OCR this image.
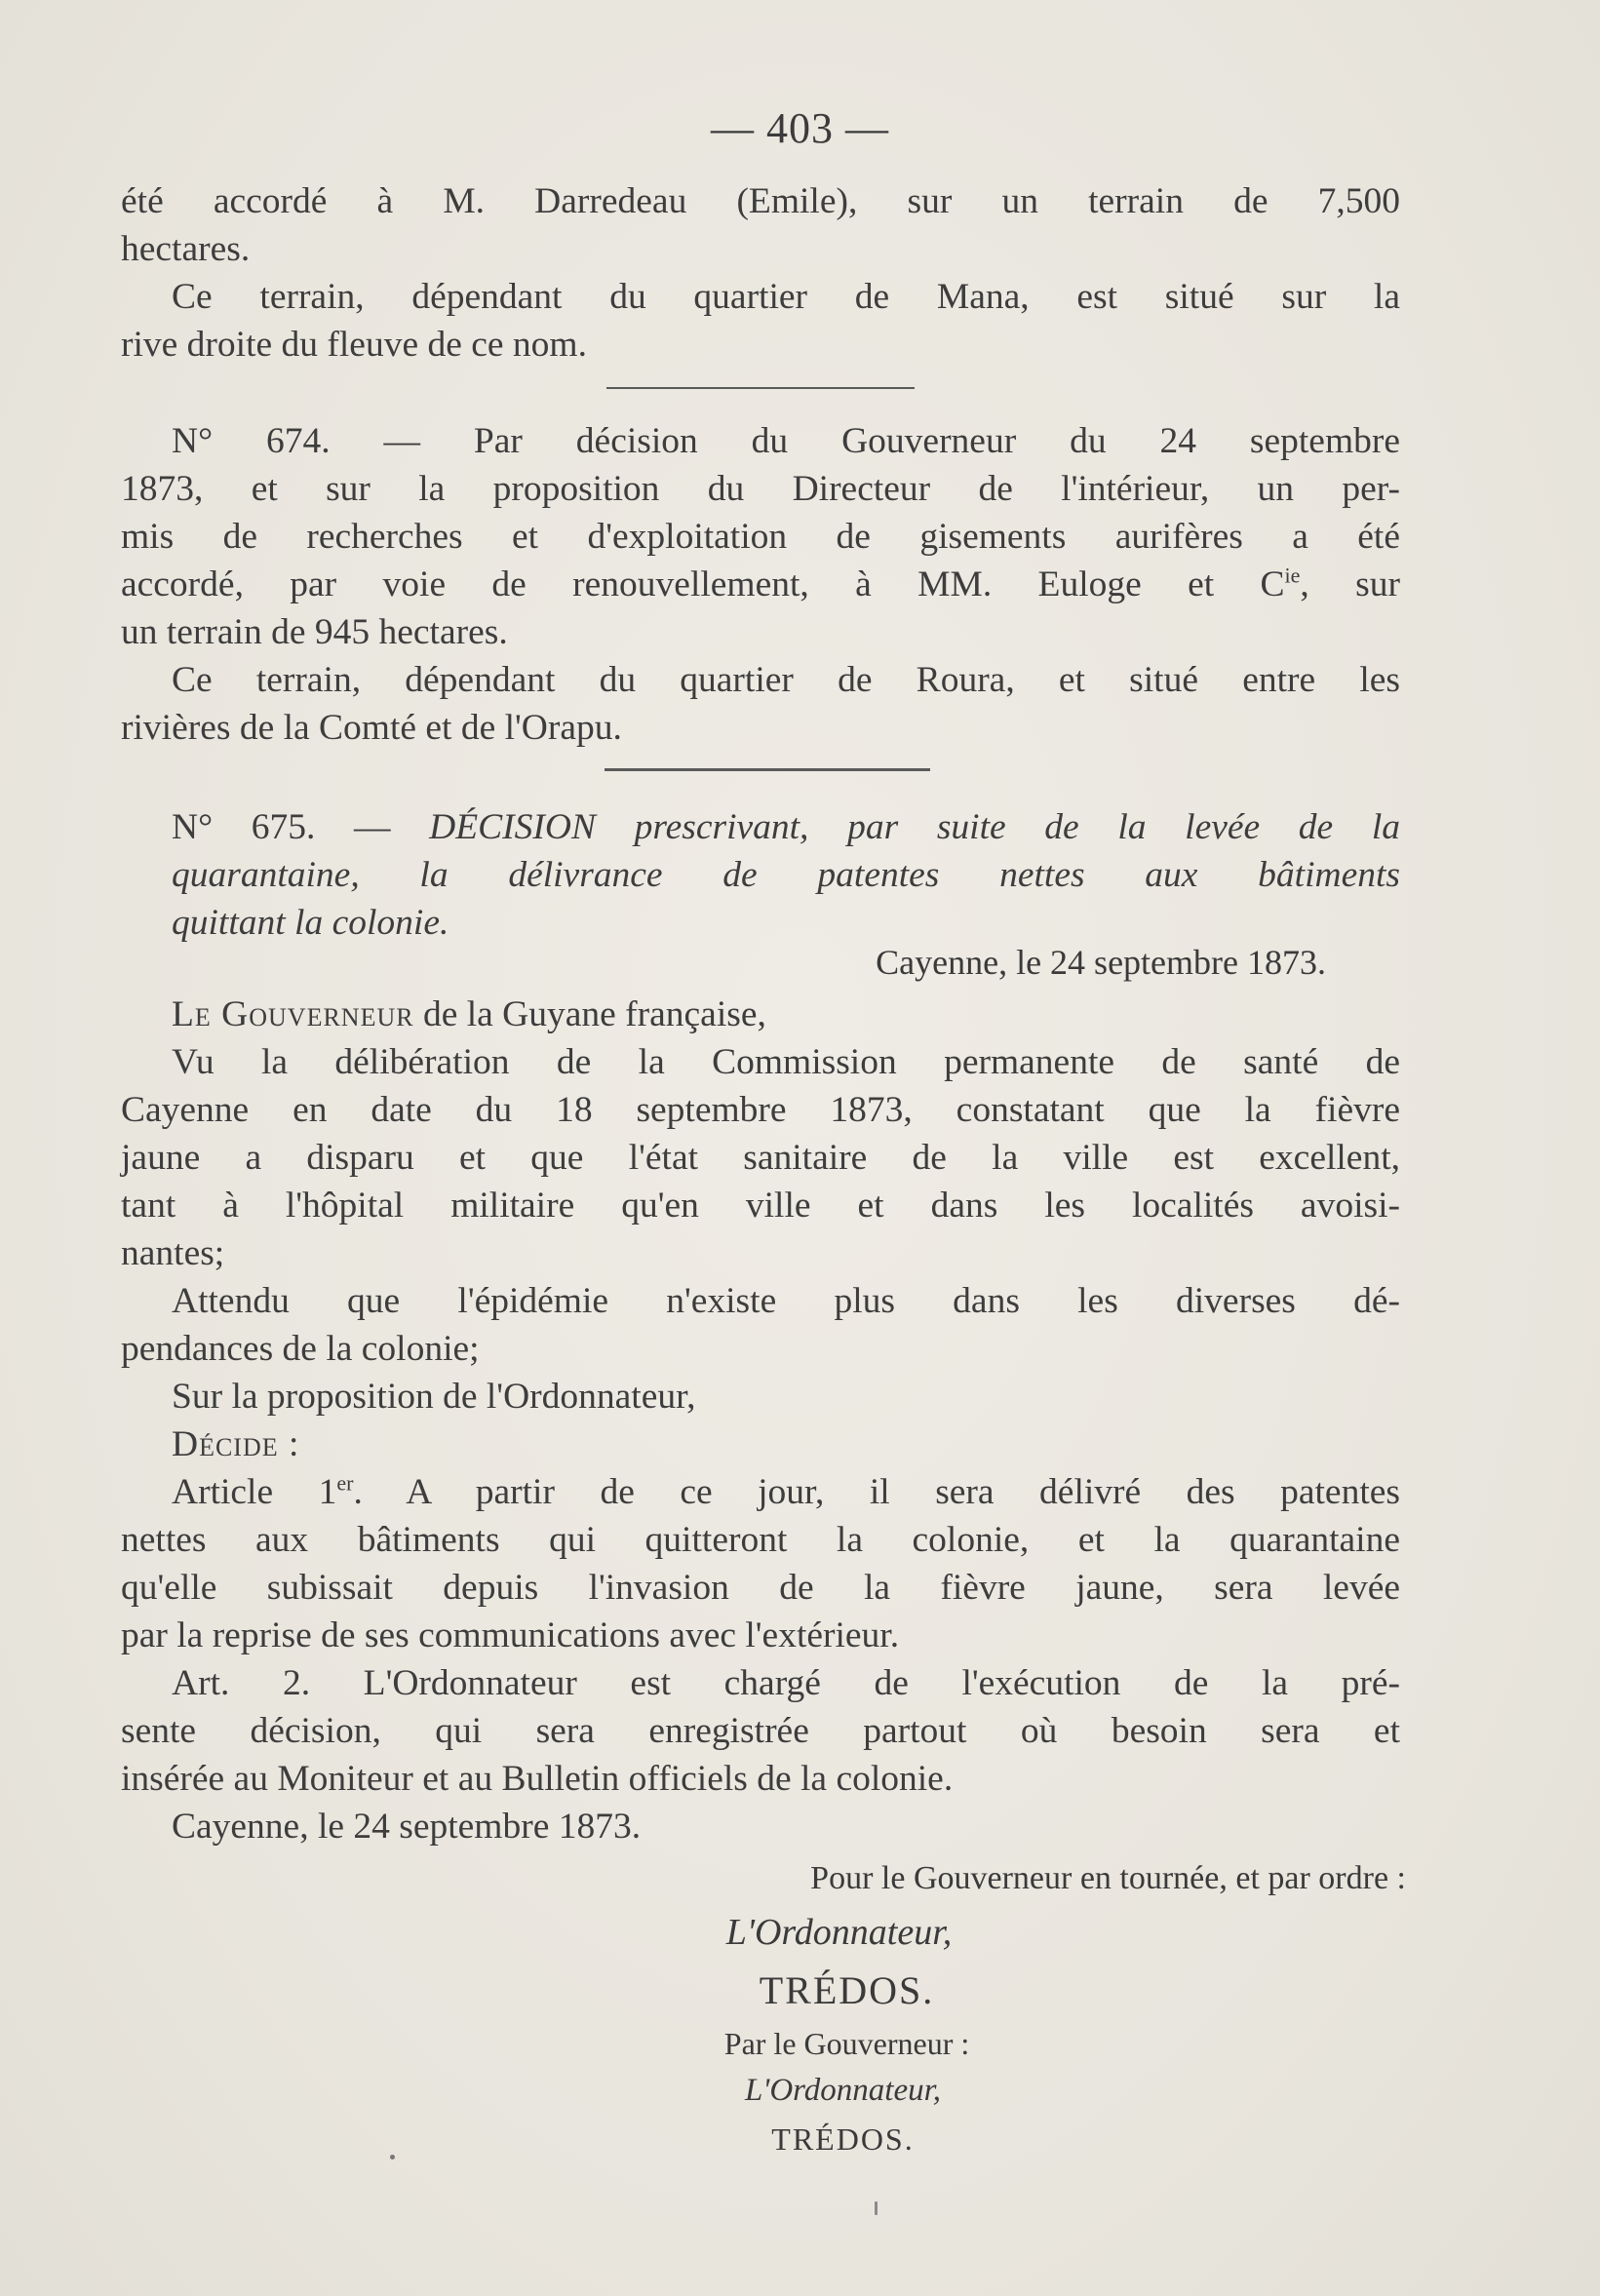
— 403 —
été accordé à M. Darredeau (Emile), sur un terrain de 7,500
hectares.
Ce terrain, dépendant du quartier de Mana, est situé sur la
rive droite du fleuve de ce nom.
N° 674. — Par décision du Gouverneur du 24 septembre
1873, et sur la proposition du Directeur de l'intérieur, un per-
mis de recherches et d'exploitation de gisements aurifères a été
accordé, par voie de renouvellement, à MM. Euloge et $C^{ie}$, sur
un terrain de 945 hectares.
Ce terrain, dépendant du quartier de Roura, et situé entre les
rivières de la Comté et de l'Orapu.
N° 675. — DÉCISION prescrivant, par suite de la levée de la
quarantaine, la délivrance de patentes nettes aux bâtiments
quittant la colonie.
Cayenne, le 24 septembre 1873.
Le Gouverneur de la Guyane française,
Vu la délibération de la Commission permanente de santé de
Cayenne en date du 18 septembre 1873, constatant que la fièvre
jaune a disparu et que l'état sanitaire de la ville est excellent,
tant à l'hôpital militaire qu'en ville et dans les localités avoisi-
nantes;
Attendu que l'épidémie n'existe plus dans les diverses dé-
pendances de la colonie;
Sur la proposition de l'Ordonnateur,
Décide :
Article 1er. A partir de ce jour, il sera délivré des patentes
nettes aux bâtiments qui quitteront la colonie, et la quarantaine
qu'elle subissait depuis l'invasion de la fièvre jaune, sera levée
par la reprise de ses communications avec l'extérieur.
Art. 2. L'Ordonnateur est chargé de l'exécution de la pré-
sente décision, qui sera enregistrée partout où besoin sera et
insérée au Moniteur et au Bulletin officiels de la colonie.
Cayenne, le 24 septembre 1873.
Pour le Gouverneur en tournée, et par ordre :
L'Ordonnateur,
TRÉDOS.
Par le Gouverneur :
L'Ordonnateur,
TRÉDOS.
